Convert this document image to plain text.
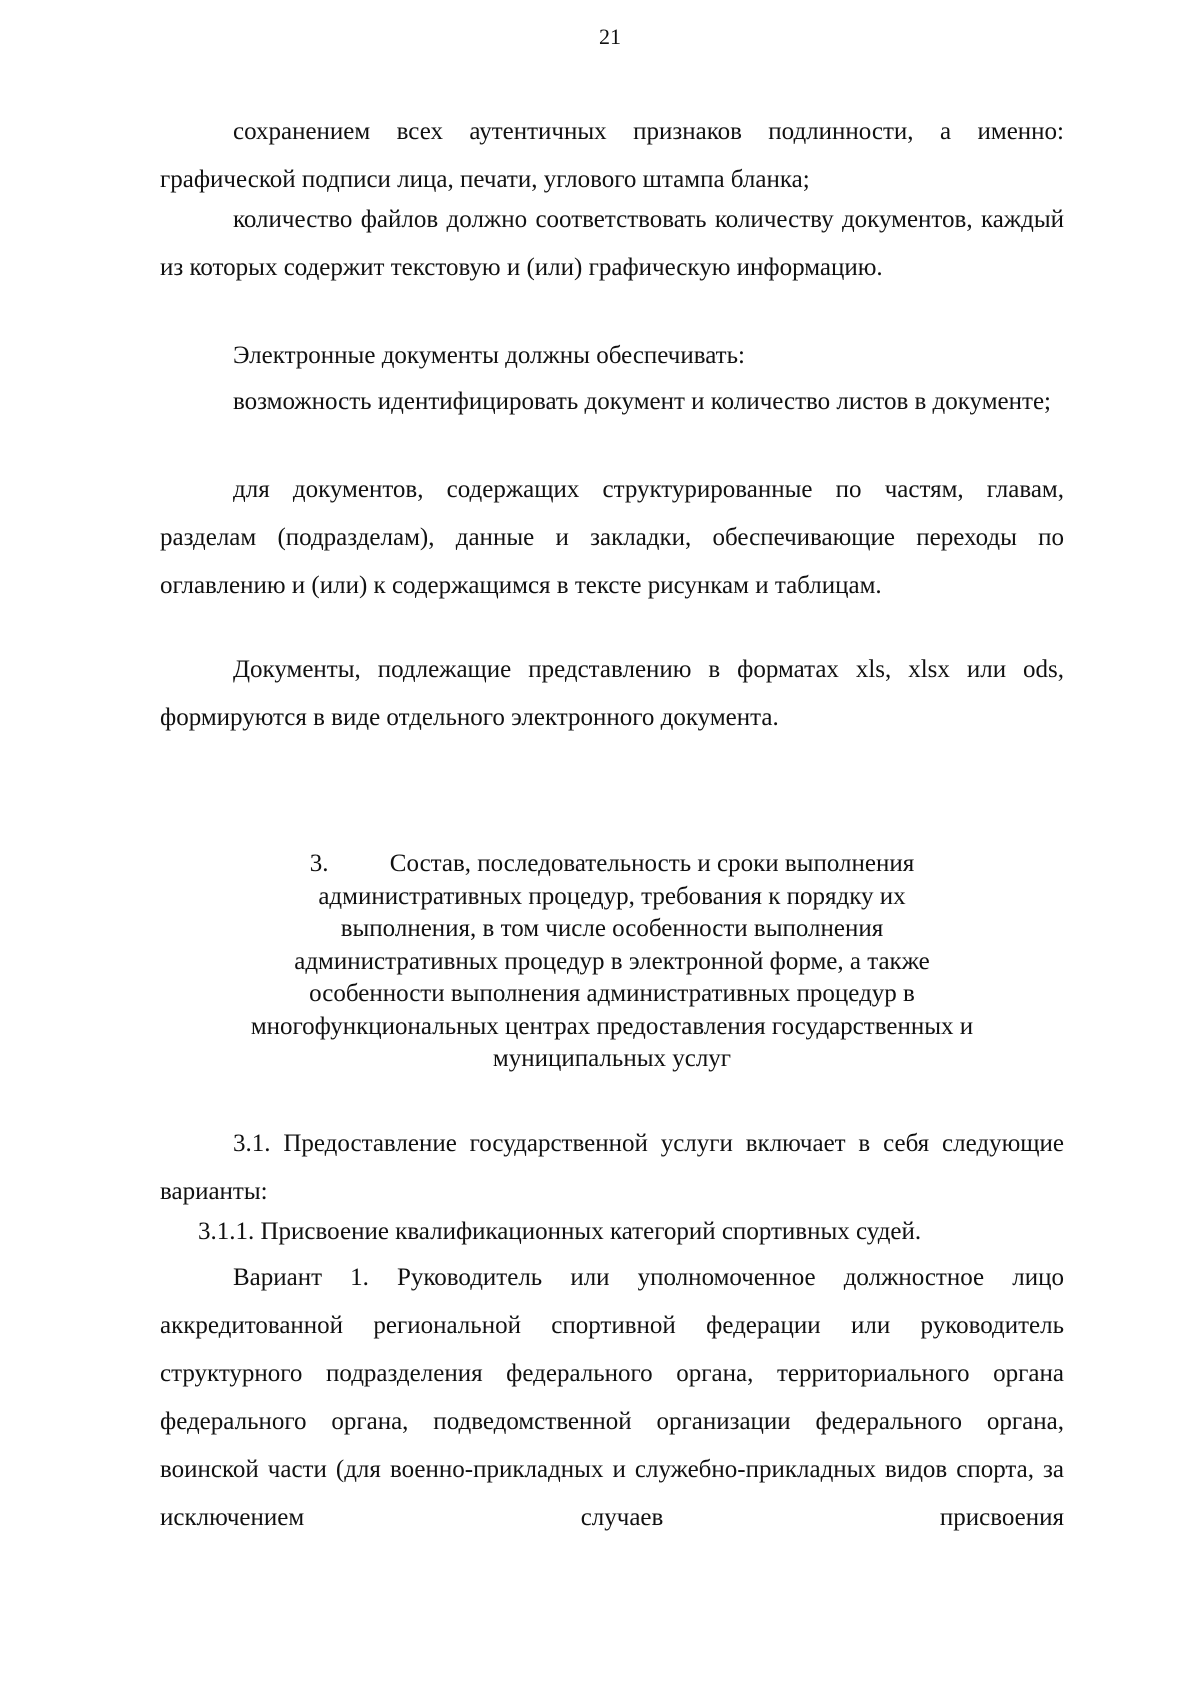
21

сохранением всех аутентичных признаков подлинности, а именно: графической подписи лица, печати, углового штампа бланка;

количество файлов должно соответствовать количеству документов, каждый из которых содержит текстовую и (или) графическую информацию.

Электронные документы должны обеспечивать:

возможность идентифицировать документ и количество листов в документе;

для документов, содержащих структурированные по частям, главам, разделам (подразделам), данные и закладки, обеспечивающие переходы по оглавлению и (или) к содержащимся в тексте рисункам и таблицам.

Документы, подлежащие представлению в форматах xls, xlsx или ods, формируются в виде отдельного электронного документа.

3. Состав, последовательность и сроки выполнения
административных процедур, требования к порядку их
выполнения, в том числе особенности выполнения
административных процедур в электронной форме, а также
особенности выполнения административных процедур в
многофункциональных центрах предоставления государственных и
муниципальных услуг

3.1. Предоставление государственной услуги включает в себя следующие варианты:

3.1.1. Присвоение квалификационных категорий спортивных судей.

Вариант 1. Руководитель или уполномоченное должностное лицо аккредитованной региональной спортивной федерации или руководитель структурного подразделения федерального органа, территориального органа федерального органа, подведомственной организации федерального органа, воинской части (для военно-прикладных и служебно-прикладных видов спорта, за исключением случаев присвоения
